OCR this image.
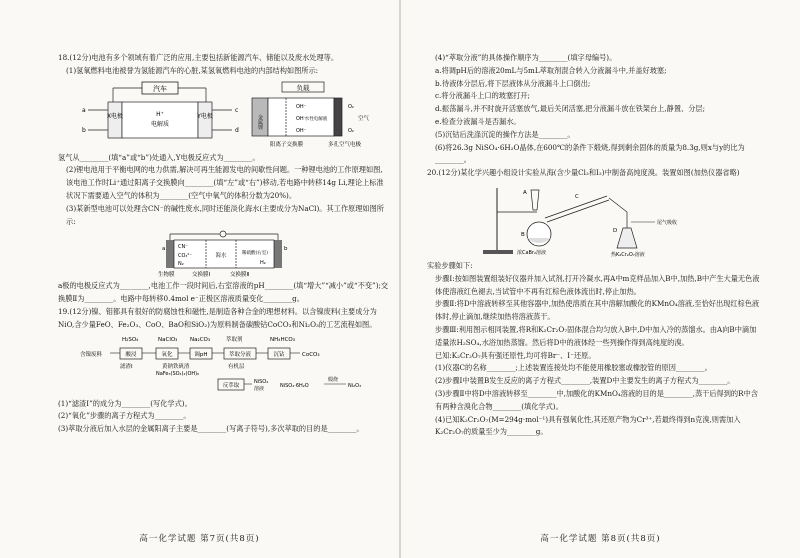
18.(12分)电池有多个领域有着广泛的应用,主要包括新能源汽车、储能以及废水处理等。

(1)氢氧燃料电池被誉为氢能源汽车的心脏,某氢氧燃料电池的内部结构如图所示:

汽车
X电极	H⁺
电解质
Y电极
a
b
c
d
负载
金属锂
OH⁻
OH⁻
OH⁻
水性电解液
O₂
空气
O₂
阳离子交换膜	多孔空气电极

氢气从________(填“a”或“b”)处通入,Y电极反应式为________。

(2)锂电池用于平衡电网的电力供需,解决可再生能源发电的间歇性问题。一种锂电池的工作原理如图,该电池工作时Li⁺通过阳离子交换膜向________(填“左”或“右”)移动,若电路中转移14g Li,理论上标准状况下需要通入空气的体积为________(空气中氧气的体积分数为20%)。

(3)某新型电池可以处理含CN⁻的碱性废水,同时还能淡化海水(主要成分为NaCl)。其工作原理如图所示:

a	b
CN⁻
CO₃²⁻
N₂
海水	稀硫酸(右室)
H₂
生物膜	交换膜Ⅰ	交换膜Ⅱ

a极的电极反应式为________,电池工作一段时间后,右室溶液的pH________(填“增大”“减小”或“不变”);交换膜Ⅱ为________。电路中每转移0.4mol e⁻正极区溶液质量变化________g。

19.(12分)镍、钼都具有很好的防腐蚀性和磁性,是制造各种合金的理想材料。以含镍废料(主要成分为NiO,含少量FeO、Fe₂O₃、CoO、BaO和SiO₂)为原料制备碳酸钴CoCO₃和Ni₂O₃的工艺流程如图。

H₂SO₄	NaClO₃ Na₂CO₃	萃取剂	NH₄HCO₃
含镍废料	酸浸	氧化	调pH	萃取分液	沉钴	CoCO₃
滤渣Ⅰ	黄钠铁矾渣
NaFe₃(SO₄)₂(OH)₆
有机层
反萃取
NiSO₄
溶液	NiSO₄·6H₂O
煅烧
Ni₂O₃

(1)“滤渣Ⅰ”的成分为________(写化学式)。

(2)“氧化”步骤的离子方程式为________。

(3)萃取分液后加入水层的金属阳离子主要是________(写离子符号),多次萃取的目的是________。

高一化学试题 第7页(共8页)

(4)“萃取分液”的具体操作顺序为________(填字母编号)。

a.将调pH后的溶液20mL与5mL萃取剂混合转入分液漏斗中,并盖好玻塞;

b.待液体分层后,将下层液体从分液漏斗上口倒出;

c.将分液漏斗上口的玻塞打开;

d.振荡漏斗,并不时旋开活塞放气,最后关闭活塞,把分液漏斗放在铁架台上,静置、分层;

e.检查分液漏斗是否漏水。

(5)沉钴后洗涤沉淀的操作方法是________。

(6)将26.3g NiSO₄·6H₂O晶体,在600℃的条件下煅烧,得到剩余固体的质量为8.3g,则x与y的比为________。

20.(12分)某化学兴趣小组设计实验从海(含少量Cl₂和I₂)中制备高纯度溴。装置如图(加热仪器省略)

A
B
浓CaBr₂溶液
C
D
尾气吸收
热K₂Cr₂O₇溶液

实验步骤如下:

步骤Ⅰ:按如图装置组装好仪器并加入试剂,打开冷凝水,再A中m克样品加入B中,加热,B中产生大量无色液体使溶液红色褪去,当试管中不再有红棕色液体流出时,停止加热。

步骤Ⅱ:将D中溶液转移至其他容器中,加热使溶质在其中溶解加酸化的KMnO₄溶液,至恰好出现红棕色液体时,停止滴加,继续加热将溶液蒸干。

步骤Ⅲ:利用图示相同装置,将R和K₂Cr₂O₇固体混合均匀放入B中,D中加入冷的蒸馏水。由A向B中滴加适量浓H₂SO₄,水浴加热蒸馏。然后将D中的液体经一些列操作得到高纯度的溴。

已知:K₂Cr₂O₇具有强还原性,均可将Br⁻、I⁻还原。

(1)仪器C的名称________;上述装置连接处均不能使用橡胶塞或橡胶管的原因________。

(2)步骤Ⅰ中装置B发生反应的离子方程式________,装置D中主要发生的离子方程式为________。

(3)步骤Ⅱ中将D中溶液转移至________中,加酸化的KMnO₄溶液的目的是________,蒸干后得到的R中含有两种含溴化合物________(填化学式)。

(4)已知K₂Cr₂O₇(M=294g·mol⁻¹)具有强氧化性,其还原产物为Cr³⁺,若最终得到n克溴,则需加入K₂Cr₂O₇的质量至少为________g。

高一化学试题 第8页(共8页)
